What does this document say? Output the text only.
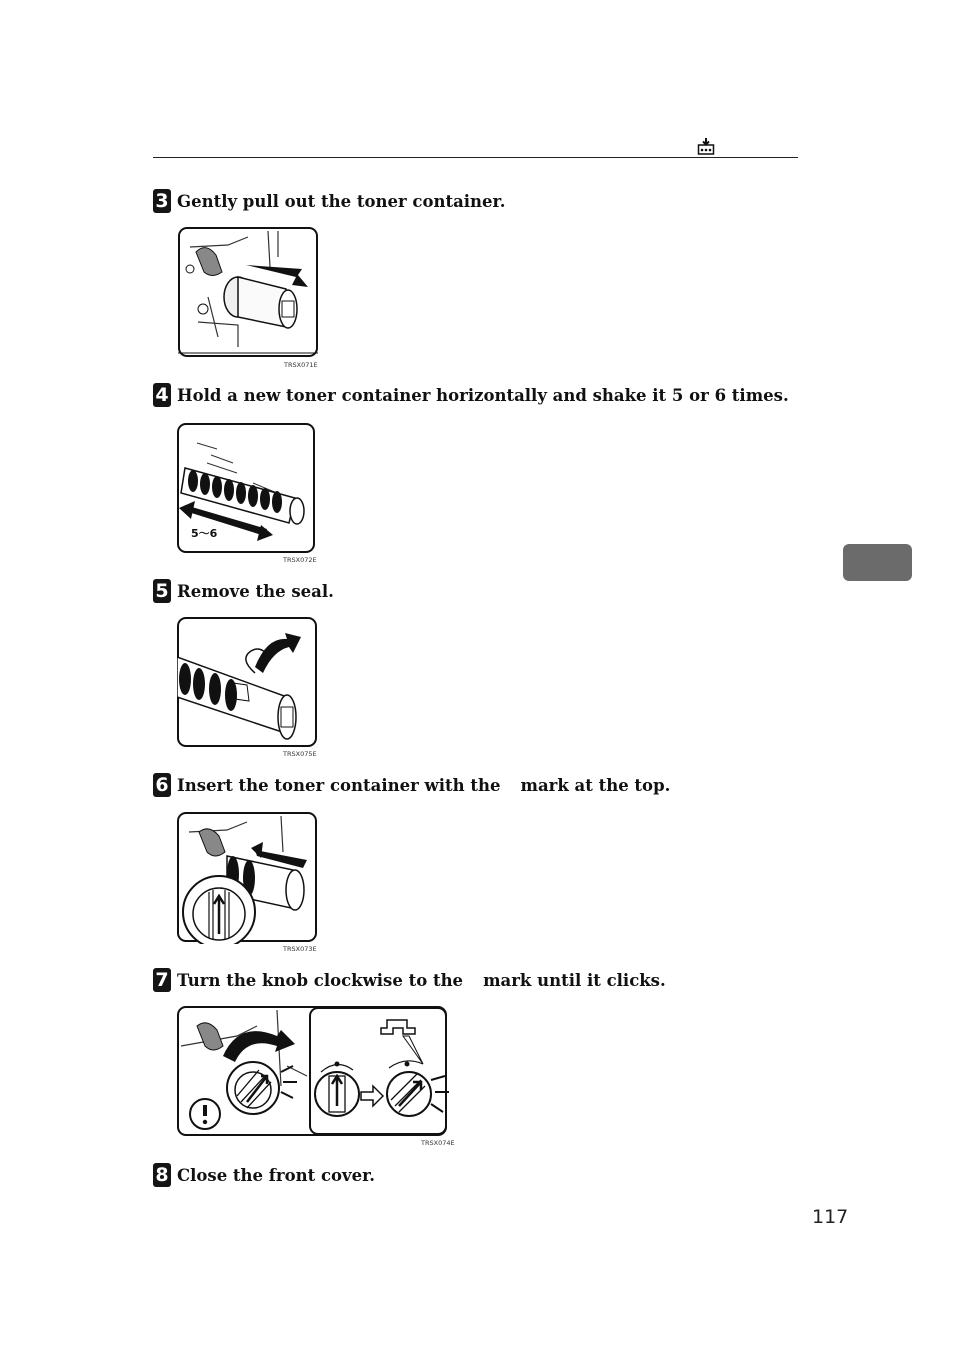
3 Gently pull out the toner container.
TRSX071E
4 Hold a new toner container horizontally and shake it 5 or 6 times.
5～6
TRSX072E
5 Remove the seal.
TRSX075E
6 Insert the toner container with the mark at the top.
TRSX073E
7 Turn the knob clockwise to the mark until it clicks.
TRSX074E
8 Close the front cover.
117
